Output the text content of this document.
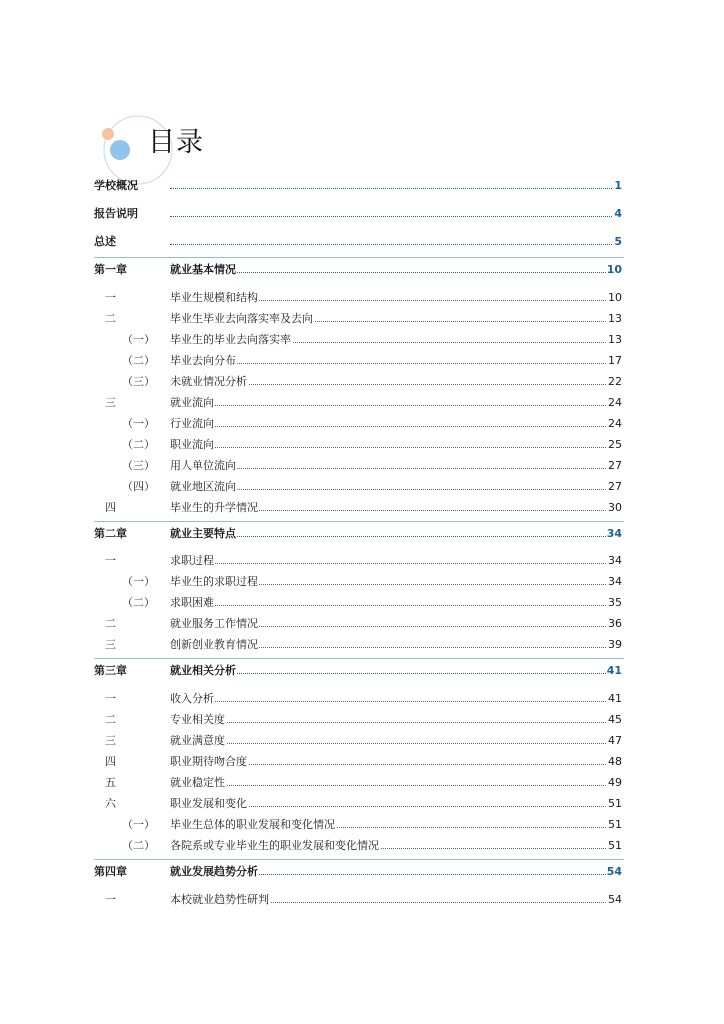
目录
学校概况	1
报告说明	4
总述	5
第一章	就业基本情况	10
一	毕业生规模和结构	10
二	毕业生毕业去向落实率及去向	13
（一） 毕业生的毕业去向落实率	13
（二） 毕业去向分布	17
（三） 未就业情况分析	22
三	就业流向	24
（一） 行业流向	24
（二） 职业流向	25
（三） 用人单位流向	27
（四） 就业地区流向	27
四	毕业生的升学情况	30
第二章	就业主要特点	34
一	求职过程	34
（一） 毕业生的求职过程	34
（二） 求职困难	35
二	就业服务工作情况	36
三	创新创业教育情况	39
第三章	就业相关分析	41
一	收入分析	41
二	专业相关度	45
三	就业满意度	47
四	职业期待吻合度	48
五	就业稳定性	49
六	职业发展和变化	51
（一） 毕业生总体的职业发展和变化情况	51
（二） 各院系或专业毕业生的职业发展和变化情况	51
第四章	就业发展趋势分析	54
一	本校就业趋势性研判	54
